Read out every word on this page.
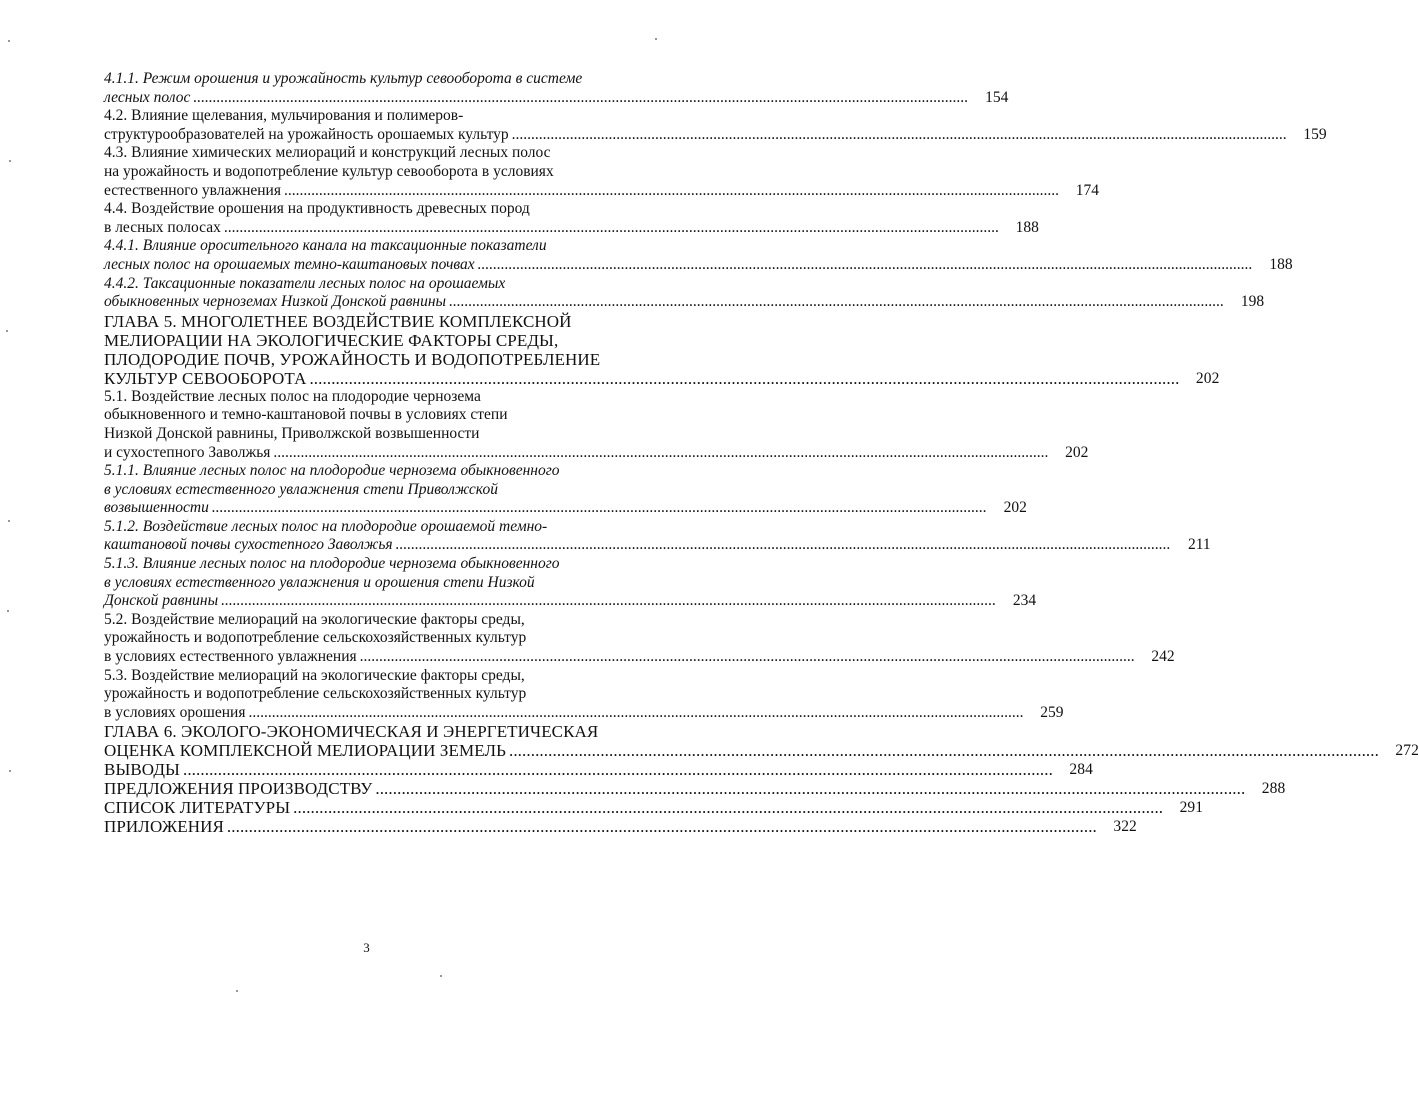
4.1.1. Режим орошения и урожайность культур севооборота в системе
лесных полос .....	154
4.2. Влияние щелевания, мульчирования и полимеров-
структурообразователей на урожайность орошаемых культур .....	159
4.3. Влияние химических мелиораций и конструкций лесных полос
на урожайность и водопотребление культур севооборота в условиях
естественного увлажнения .....	174
4.4. Воздействие орошения на продуктивность древесных пород
в лесных полосах .....	188
4.4.1. Влияние оросительного канала на таксационные показатели
лесных полос на орошаемых темно-каштановых почвах .....	188
4.4.2. Таксационные показатели лесных полос на орошаемых
обыкновенных черноземах Низкой Донской равнины .....	198
ГЛАВА 5. МНОГОЛЕТНЕЕ ВОЗДЕЙСТВИЕ КОМПЛЕКСНОЙ
МЕЛИОРАЦИИ НА ЭКОЛОГИЧЕСКИЕ ФАКТОРЫ СРЕДЫ,
ПЛОДОРОДИЕ ПОЧВ, УРОЖАЙНОСТЬ И ВОДОПОТРЕБЛЕНИЕ
КУЛЬТУР СЕВООБОРОТА .....	202
5.1. Воздействие лесных полос на плодородие чернозема
обыкновенного и темно-каштановой почвы в условиях степи
Низкой Донской равнины, Приволжской возвышенности
и сухостепного Заволжья .....	202
5.1.1. Влияние лесных полос на плодородие чернозема обыкновенного
в условиях естественного увлажнения степи Приволжской
возвышенности .....	202
5.1.2. Воздействие лесных полос на плодородие орошаемой темно-
каштановой почвы сухостепного Заволжья .....	211
5.1.3. Влияние лесных полос на плодородие чернозема обыкновенного
в условиях естественного увлажнения и орошения степи Низкой
Донской равнины .....	234
5.2. Воздействие мелиораций на экологические факторы среды,
урожайность и водопотребление сельскохозяйственных культур
в условиях естественного увлажнения .....	242
5.3. Воздействие мелиораций на экологические факторы среды,
урожайность и водопотребление сельскохозяйственных культур
в условиях орошения .....	259
ГЛАВА 6. ЭКОЛОГО-ЭКОНОМИЧЕСКАЯ И ЭНЕРГЕТИЧЕСКАЯ
ОЦЕНКА КОМПЛЕКСНОЙ МЕЛИОРАЦИИ ЗЕМЕЛЬ .....	272
ВЫВОДЫ .....	284
ПРЕДЛОЖЕНИЯ ПРОИЗВОДСТВУ .....	288
СПИСОК ЛИТЕРАТУРЫ .....	291
ПРИЛОЖЕНИЯ .....	322
3
